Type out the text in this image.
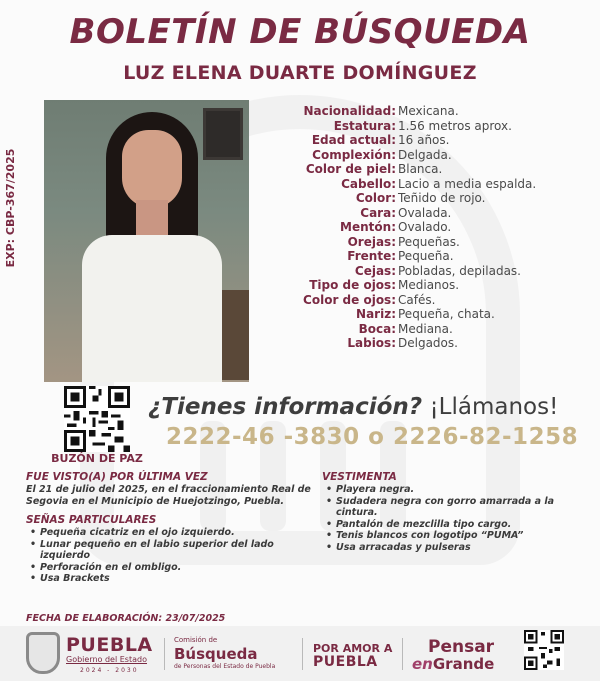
BOLETÍN DE BÚSQUEDA
LUZ ELENA DUARTE DOMÍNGUEZ
EXP: CBP-367/2025
Nacionalidad: Mexicana.
Estatura: 1.56 metros aprox.
Edad actual: 16 años.
Complexión: Delgada.
Color de piel: Blanca.
Cabello: Lacio a media espalda.
Color: Teñido de rojo.
Cara: Ovalada.
Mentón: Ovalado.
Orejas: Pequeñas.
Frente: Pequeña.
Cejas: Pobladas, depiladas.
Tipo de ojos: Medianos.
Color de ojos: Cafés.
Nariz: Pequeña, chata.
Boca: Mediana.
Labios: Delgados.
BUZÓN DE PAZ
¿Tienes información? ¡Llámanos!
2222-46 -3830 o 2226-82-1258
FUE VISTO(A) POR ÚLTIMA VEZ

El 21 de julio del 2025, en el fraccionamiento Real de Segovia en el Municipio de Huejotzingo, Puebla.

SEÑAS PARTICULARES
• Pequeña cicatriz en el ojo izquierdo.
• Lunar pequeño en el labio superior del lado izquierdo
• Perforación en el ombligo.
• Usa Brackets
VESTIMENTA
• Playera negra.
• Sudadera negra con gorro amarrada a la cintura.
• Pantalón de mezclilla tipo cargo.
• Tenis blancos con logotipo “PUMA”
• Usa arracadas y pulseras
FECHA DE ELABORACIÓN: 23/07/2025
PUEBLA
Gobierno del Estado
2024 - 2030
Comisión de
Búsqueda
de Personas del Estado de Puebla
POR AMOR A
PUEBLA
Pensar
enGrande
